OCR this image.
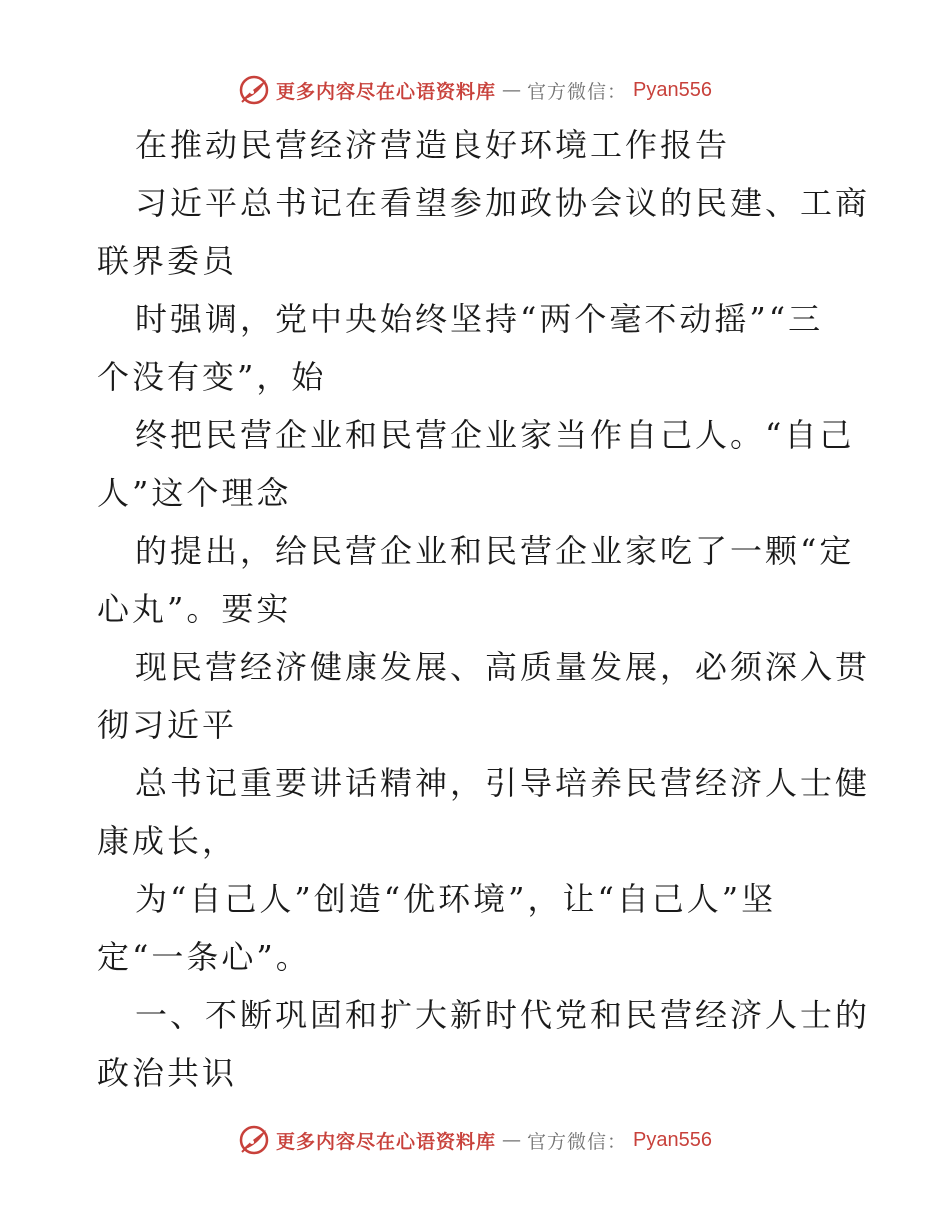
更多内容尽在心语资料库 — 官方微信： Pyan556
在推动民营经济营造良好环境工作报告
习近平总书记在看望参加政协会议的民建、工商
联界委员
时强调，党中央始终坚持“两个毫不动摇”“三
个没有变”，始
终把民营企业和民营企业家当作自己人。“自己
人”这个理念
的提出，给民营企业和民营企业家吃了一颗“定
心丸”。要实
现民营经济健康发展、高质量发展，必须深入贯
彻习近平
总书记重要讲话精神，引导培养民营经济人士健
康成长，
为“自己人”创造“优环境”，让“自己人”坚
定“一条心”。
一、不断巩固和扩大新时代党和民营经济人士的
政治共识
更多内容尽在心语资料库 — 官方微信： Pyan556
